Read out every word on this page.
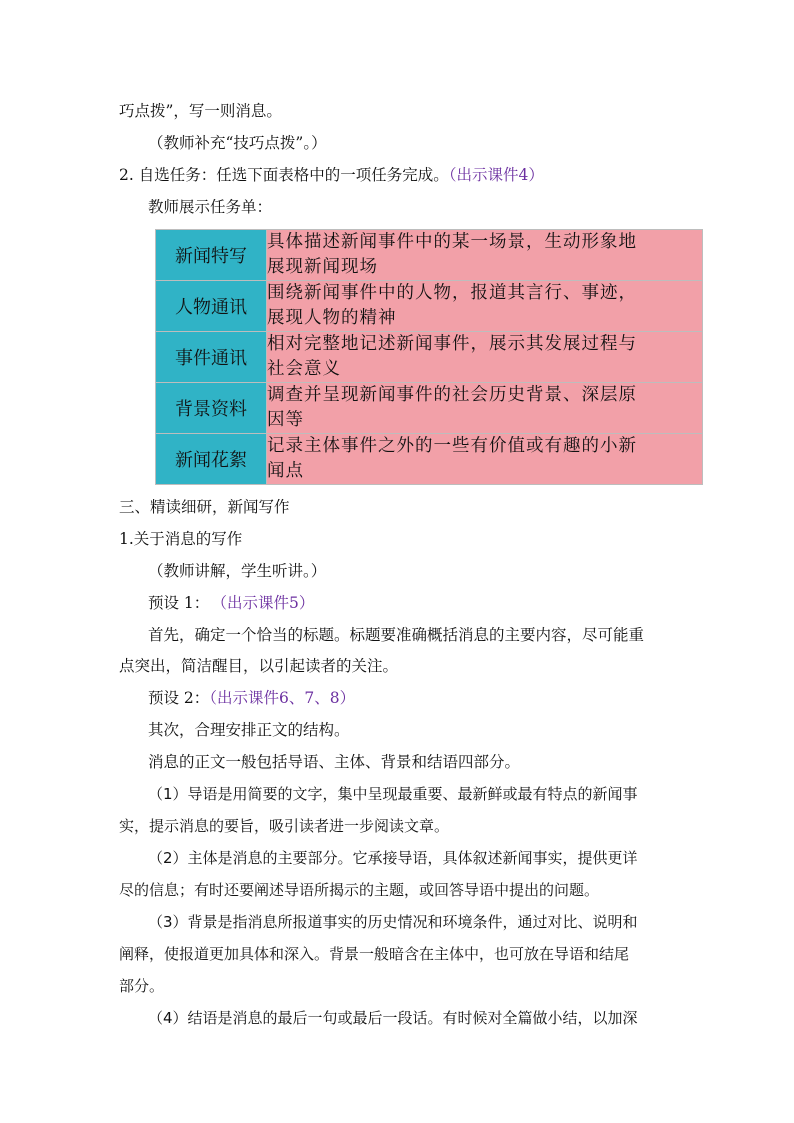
巧点拨”，写一则消息。
（教师补充“技巧点拨”。）
2. 自选任务：任选下面表格中的一项任务完成。（出示课件4）
教师展示任务单：
新闻特写	具体描述新闻事件中的某一场景，生动形象地
展现新闻现场

人物通讯	围绕新闻事件中的人物，报道其言行、事迹，
展现人物的精神

事件通讯	相对完整地记述新闻事件，展示其发展过程与
社会意义

背景资料	调查并呈现新闻事件的社会历史背景、深层原
因等

新闻花絮	记录主体事件之外的一些有价值或有趣的小新
闻点
三、精读细研，新闻写作
1.关于消息的写作
（教师讲解，学生听讲。）
预设 1： （出示课件5）
首先，确定一个恰当的标题。标题要准确概括消息的主要内容，尽可能重
点突出，简洁醒目，以引起读者的关注。
预设 2：（出示课件6、7、8）
其次，合理安排正文的结构。
消息的正文一般包括导语、主体、背景和结语四部分。
（1）导语是用简要的文字，集中呈现最重要、最新鲜或最有特点的新闻事
实，提示消息的要旨，吸引读者进一步阅读文章。
（2）主体是消息的主要部分。它承接导语，具体叙述新闻事实，提供更详
尽的信息；有时还要阐述导语所揭示的主题，或回答导语中提出的问题。
（3）背景是指消息所报道事实的历史情况和环境条件，通过对比、说明和
阐释，使报道更加具体和深入。背景一般暗含在主体中，也可放在导语和结尾
部分。
（4）结语是消息的最后一句或最后一段话。有时候对全篇做小结，以加深
